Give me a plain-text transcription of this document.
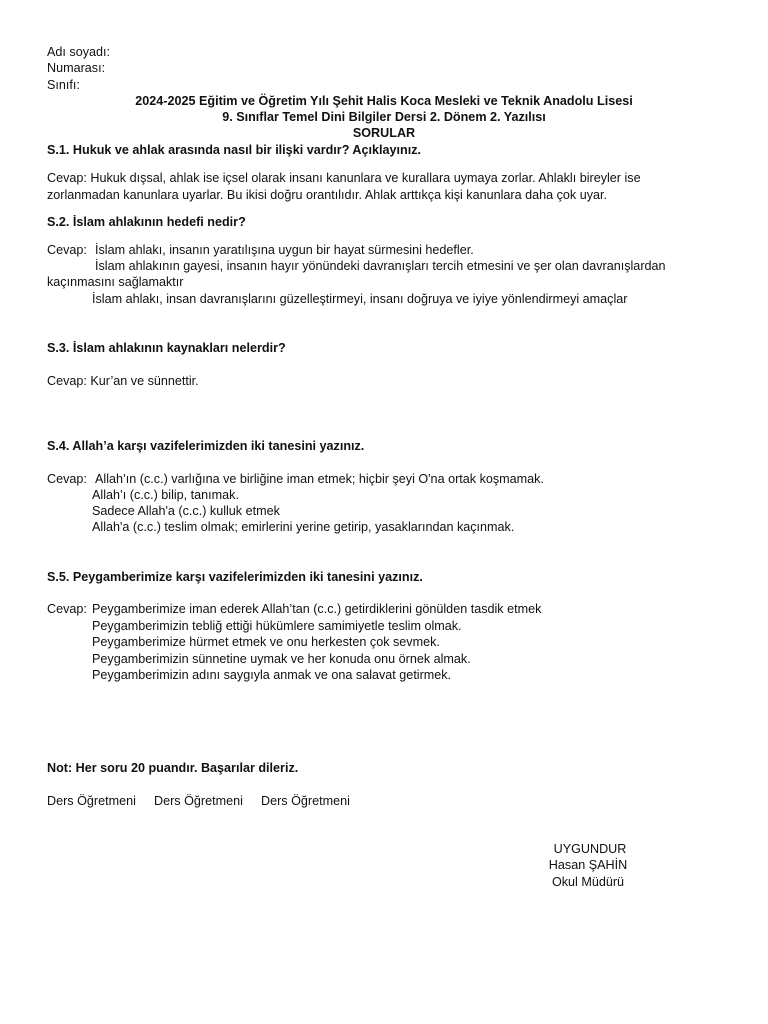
Adı soyadı:
Numarası:
Sınıfı:
2024-2025 Eğitim ve Öğretim Yılı Şehit Halis Koca Mesleki ve Teknik Anadolu Lisesi
9. Sınıflar Temel Dini Bilgiler Dersi 2. Dönem 2. Yazılısı
SORULAR
S.1. Hukuk ve ahlak arasında nasıl bir ilişki vardır? Açıklayınız.
Cevap: Hukuk dışsal, ahlak ise içsel olarak insanı kanunlara ve kurallara uymaya zorlar. Ahlaklı bireyler ise
zorlanmadan kanunlara uyarlar. Bu ikisi doğru orantılıdır. Ahlak arttıkça kişi kanunlara daha çok uyar.
S.2. İslam ahlakının hedefi nedir?
Cevap: İslam ahlakı, insanın yaratılışına uygun bir hayat sürmesini hedefler.
İslam ahlakının gayesi, insanın hayır yönündeki davranışları tercih etmesini ve şer olan davranışlardan
kaçınmasını sağlamaktır
İslam ahlakı, insan davranışlarını güzelleştirmeyi, insanı doğruya ve iyiye yönlendirmeyi amaçlar
S.3. İslam ahlakının kaynakları nelerdir?
Cevap: Kur’an ve sünnettir.
S.4. Allah’a karşı vazifelerimizden iki tanesini yazınız.
Cevap: Allah’ın (c.c.) varlığına ve birliğine iman etmek; hiçbir şeyi O'na ortak koşmamak.
Allah’ı (c.c.) bilip, tanımak.
Sadece Allah'a (c.c.) kulluk etmek
Allah'a (c.c.) teslim olmak; emirlerini yerine getirip, yasaklarından kaçınmak.
S.5. Peygamberimize karşı vazifelerimizden iki tanesini yazınız.
Cevap: Peygamberimize iman ederek Allah’tan (c.c.) getirdiklerini gönülden tasdik etmek
Peygamberimizin tebliğ ettiği hükümlere samimiyetle teslim olmak.
Peygamberimize hürmet etmek ve onu herkesten çok sevmek.
Peygamberimizin sünnetine uymak ve her konuda onu örnek almak.
Peygamberimizin adını saygıyla anmak ve ona salavat getirmek.
Not: Her soru 20 puandır. Başarılar dileriz.
Ders Öğretmeni Ders Öğretmeni Ders Öğretmeni
UYGUNDUR
Hasan ŞAHİN
Okul Müdürü
